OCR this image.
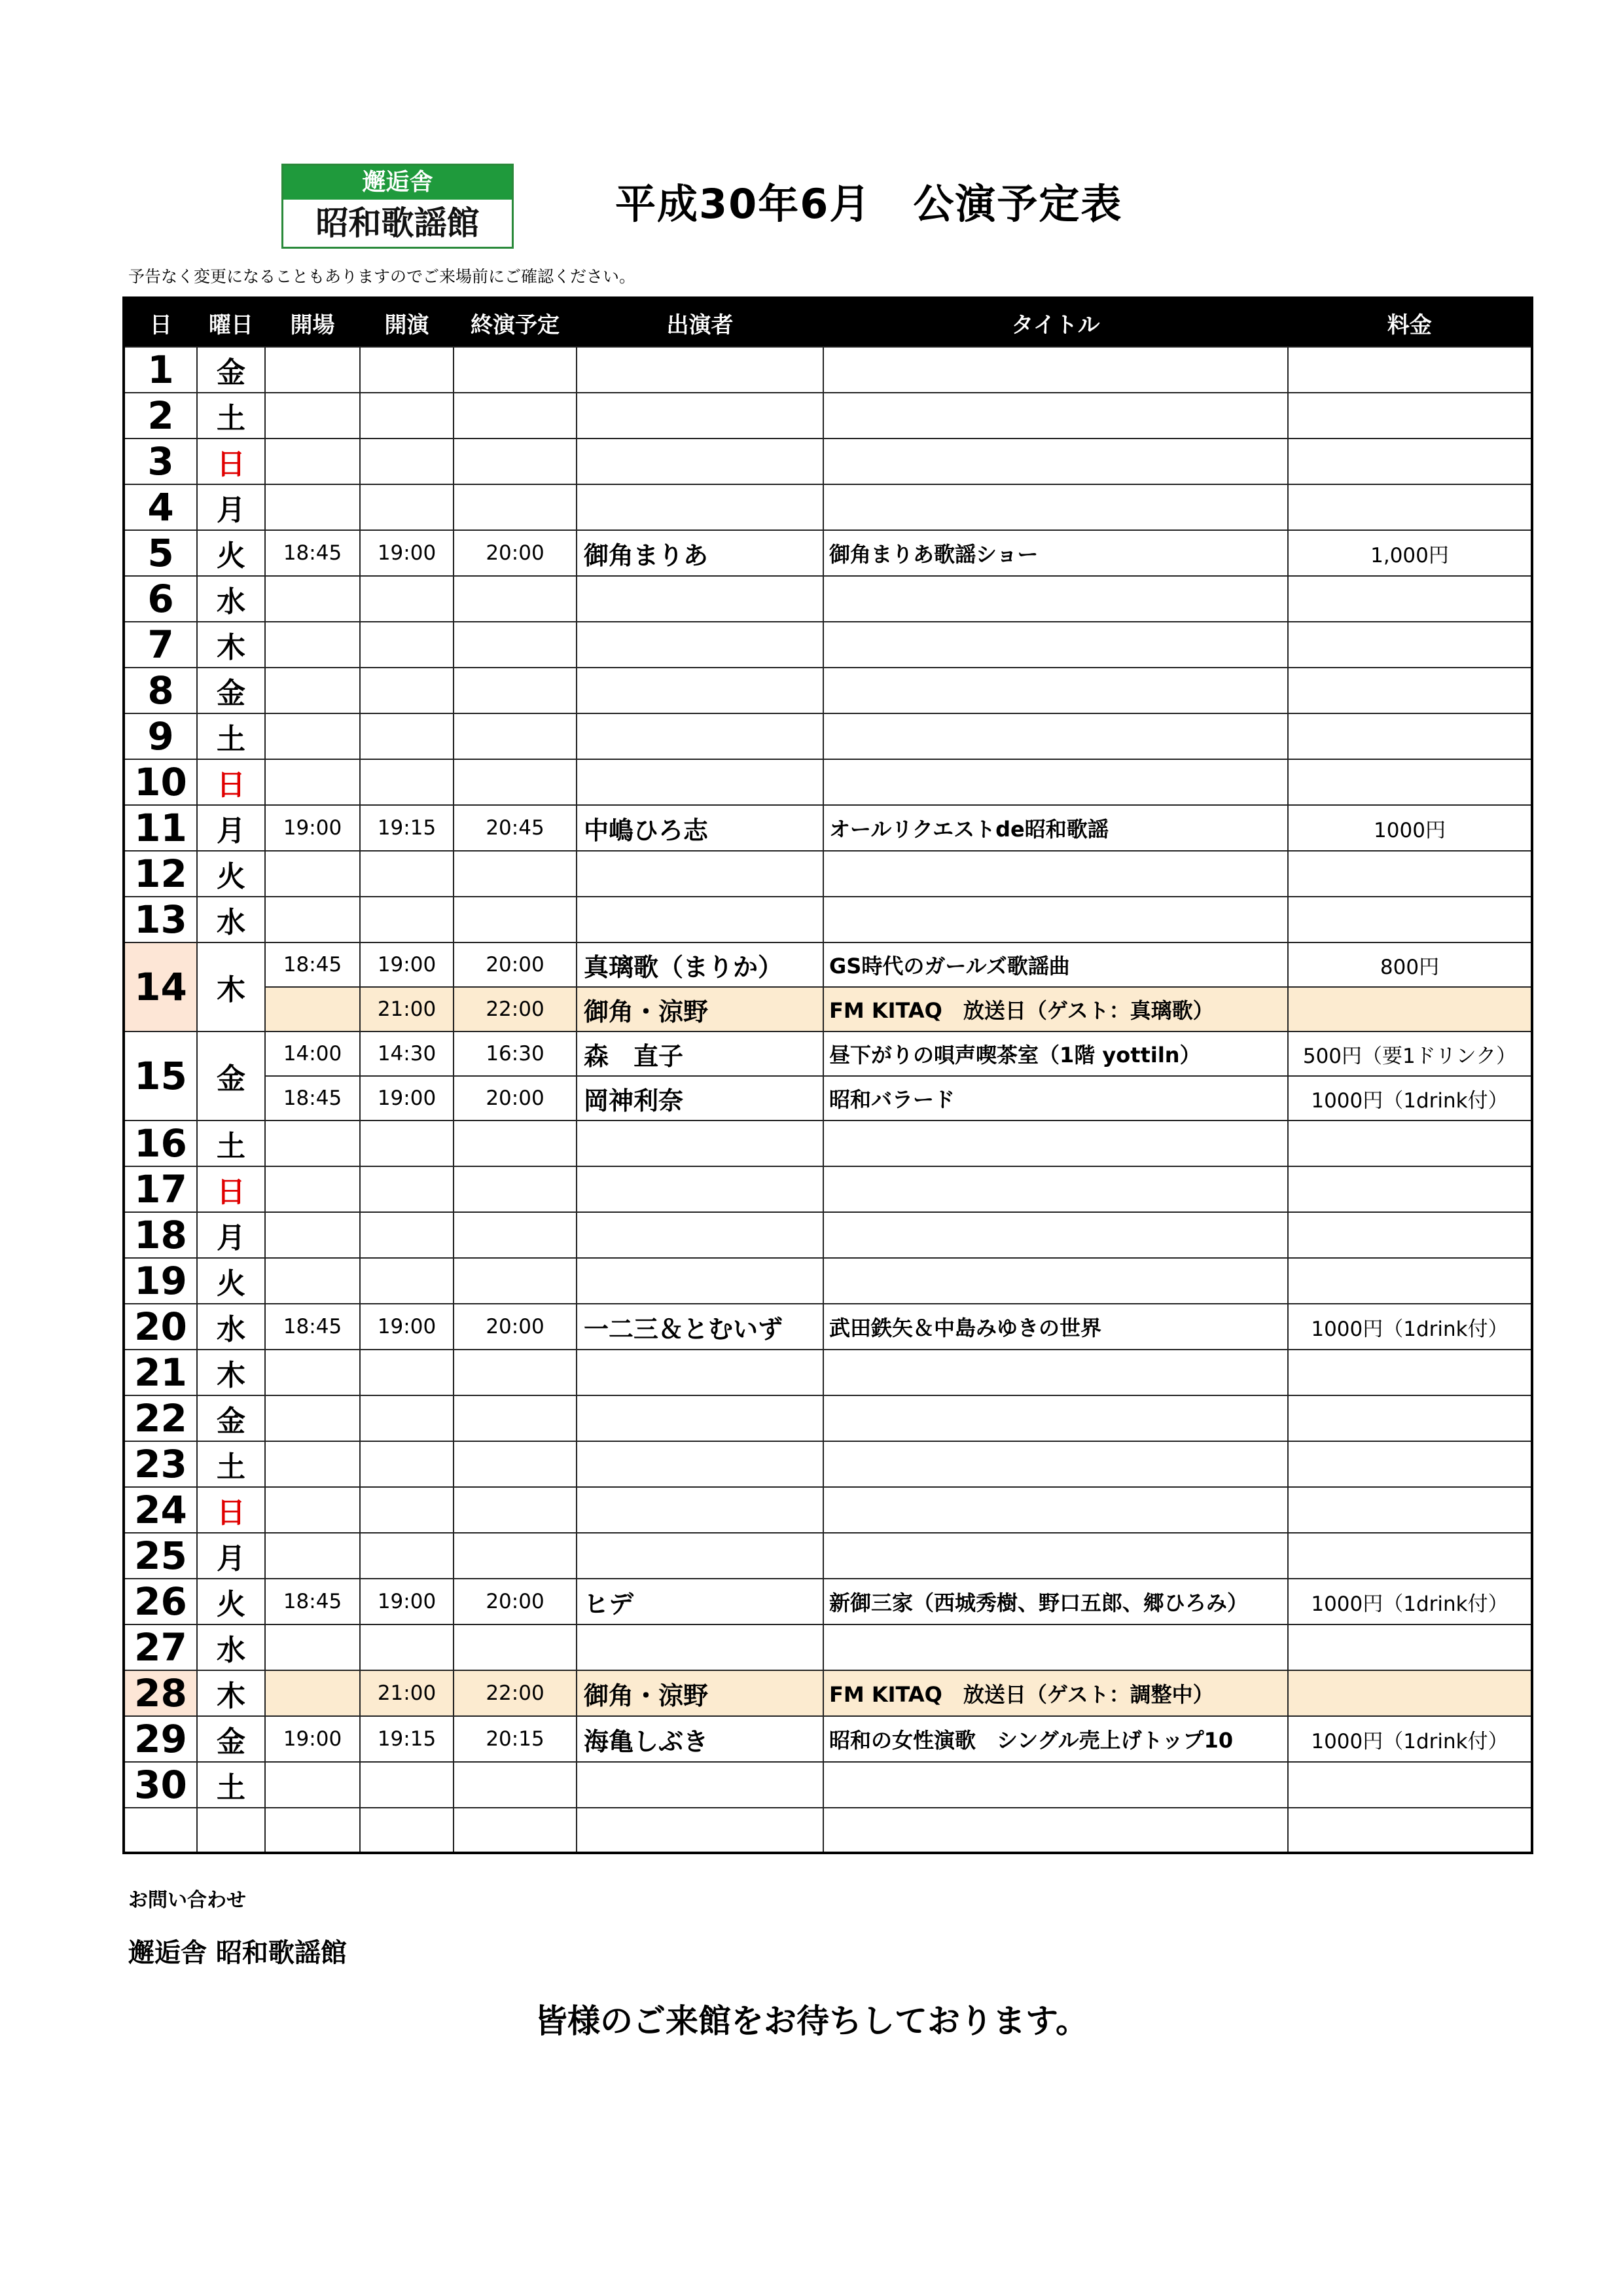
邂逅舎
昭和歌謡館	平成30年6月　公演予定表
予告なく変更になることもありますのでご来場前にご確認ください。
日	曜日	開場	開演	終演予定	出演者	タイトル	料金
1	金						
2	土						
3	日						
4	月						
5	火	18:45	19:00	20:00	御角まりあ	御角まりあ歌謡ショー	1,000円
6	水						
7	木						
8	金						
9	土						
10	日						
11	月	19:00	19:15	20:45	中嶋ひろ志	オールリクエストde昭和歌謡	1000円
12	火						
13	水						
14	木	18:45	19:00	20:00	真璃歌（まりか）	GS時代のガールズ歌謡曲	800円
			21:00	22:00	御角・涼野	FM KITAQ　放送日（ゲスト：真璃歌）	
15	金	14:00	14:30	16:30	森　直子	昼下がりの唄声喫茶室（1階 yottiln）	500円（要1ドリンク）
		18:45	19:00	20:00	岡神利奈	昭和バラード	1000円（1drink付）
16	土						
17	日						
18	月						
19	火						
20	水	18:45	19:00	20:00	一二三＆とむいず	武田鉄矢＆中島みゆきの世界	1000円（1drink付）
21	木						
22	金						
23	土						
24	日						
25	月						
26	火	18:45	19:00	20:00	ヒデ	新御三家（西城秀樹、野口五郎、郷ひろみ）	1000円（1drink付）
27	水						
28	木		21:00	22:00	御角・涼野	FM KITAQ　放送日（ゲスト：調整中）	
29	金	19:00	19:15	20:15	海亀しぶき	昭和の女性演歌　シングル売上げトップ10	1000円（1drink付）
30	土						

お問い合わせ
邂逅舎 昭和歌謡館
皆様のご来館をお待ちしております。
